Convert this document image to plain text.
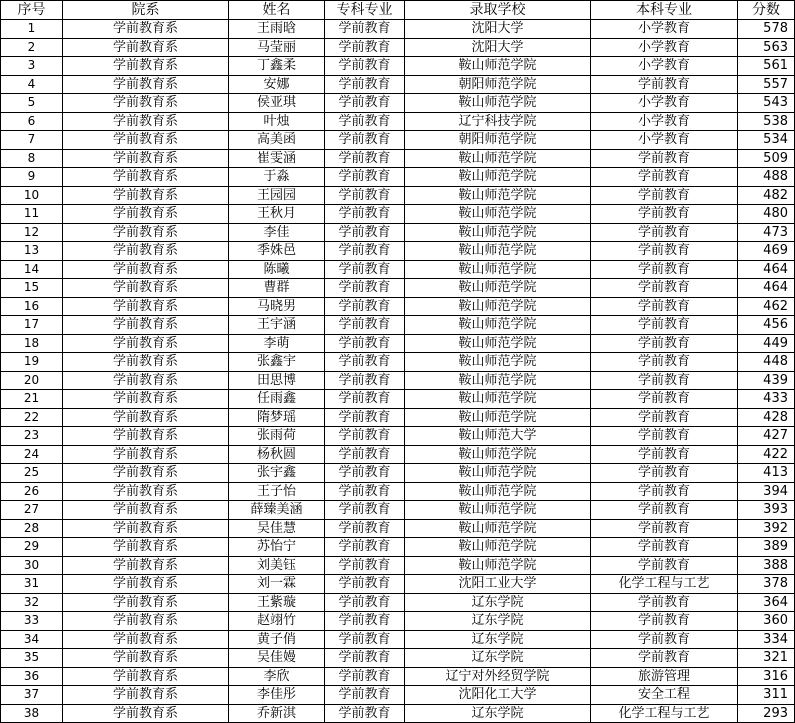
序号	院系	姓名	专科专业	录取学校	本科专业	分数
1	学前教育系	王雨晗	学前教育	沈阳大学	小学教育	578
2	学前教育系	马莹丽	学前教育	沈阳大学	小学教育	563
3	学前教育系	丁鑫柔	学前教育	鞍山师范学院	小学教育	561
4	学前教育系	安娜	学前教育	朝阳师范学院	学前教育	557
5	学前教育系	侯亚琪	学前教育	鞍山师范学院	小学教育	543
6	学前教育系	叶烛	学前教育	辽宁科技学院	小学教育	538
7	学前教育系	高美函	学前教育	朝阳师范学院	小学教育	534
8	学前教育系	崔雯涵	学前教育	鞍山师范学院	学前教育	509
9	学前教育系	于淼	学前教育	鞍山师范学院	学前教育	488
10	学前教育系	王园园	学前教育	鞍山师范学院	学前教育	482
11	学前教育系	王秋月	学前教育	鞍山师范学院	学前教育	480
12	学前教育系	李佳	学前教育	鞍山师范学院	学前教育	473
13	学前教育系	季姝邑	学前教育	鞍山师范学院	学前教育	469
14	学前教育系	陈曦	学前教育	鞍山师范学院	学前教育	464
15	学前教育系	曹群	学前教育	鞍山师范学院	学前教育	464
16	学前教育系	马晓男	学前教育	鞍山师范学院	学前教育	462
17	学前教育系	王宇涵	学前教育	鞍山师范学院	学前教育	456
18	学前教育系	李萌	学前教育	鞍山师范学院	学前教育	449
19	学前教育系	张鑫宇	学前教育	鞍山师范学院	学前教育	448
20	学前教育系	田思博	学前教育	鞍山师范学院	学前教育	439
21	学前教育系	任雨鑫	学前教育	鞍山师范学院	学前教育	433
22	学前教育系	隋梦瑶	学前教育	鞍山师范学院	学前教育	428
23	学前教育系	张雨荷	学前教育	鞍山师范大学	学前教育	427
24	学前教育系	杨秋圆	学前教育	鞍山师范学院	学前教育	422
25	学前教育系	张宇鑫	学前教育	鞍山师范学院	学前教育	413
26	学前教育系	王子怡	学前教育	鞍山师范学院	学前教育	394
27	学前教育系	薛臻美涵	学前教育	鞍山师范学院	学前教育	393
28	学前教育系	吴佳慧	学前教育	鞍山师范学院	学前教育	392
29	学前教育系	苏怡宁	学前教育	鞍山师范学院	学前教育	389
30	学前教育系	刘美钰	学前教育	鞍山师范学院	学前教育	388
31	学前教育系	刘一霖	学前教育	沈阳工业大学	化学工程与工艺	378
32	学前教育系	王紫璇	学前教育	辽东学院	学前教育	364
33	学前教育系	赵翊竹	学前教育	辽东学院	学前教育	360
34	学前教育系	黄子俏	学前教育	辽东学院	学前教育	334
35	学前教育系	吴佳嫚	学前教育	辽东学院	学前教育	321
36	学前教育系	李欣	学前教育	辽宁对外经贸学院	旅游管理	316
37	学前教育系	李佳彤	学前教育	沈阳化工大学	安全工程	311
38	学前教育系	乔新淇	学前教育	辽东学院	化学工程与工艺	293
